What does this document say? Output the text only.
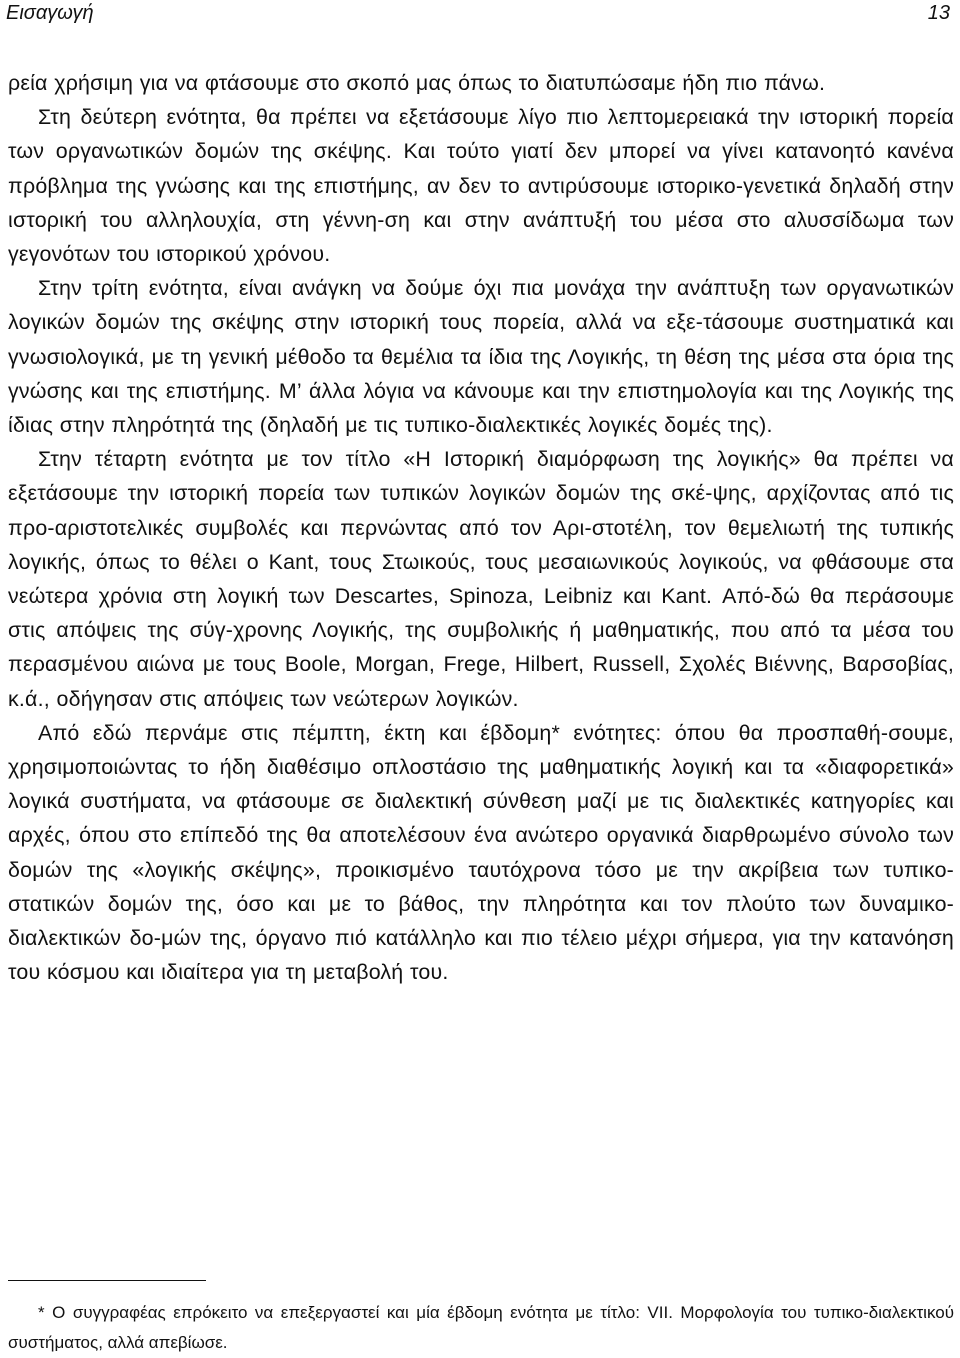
Εισαγωγή	13

ρεία χρήσιμη για να φτάσουμε στο σκοπό μας όπως το διατυπώσαμε ήδη πιο πάνω.

Στη δεύτερη ενότητα, θα πρέπει να εξετάσουμε λίγο πιο λεπτομερειακά την ιστορική πορεία των οργανωτικών δομών της σκέψης. Και τούτο γιατί δεν μπορεί να γίνει κατανοητό κανένα πρόβλημα της γνώσης και της επιστήμης, αν δεν το αντιρύσουμε ιστορικο-γενετικά δηλαδή στην ιστορική του αλληλουχία, στη γέννη-ση και στην ανάπτυξή του μέσα στο αλυσσίδωμα των γεγονότων του ιστορικού χρόνου.

Στην τρίτη ενότητα, είναι ανάγκη να δούμε όχι πια μονάχα την ανάπτυξη των οργανωτικών λογικών δομών της σκέψης στην ιστορική τους πορεία, αλλά να εξε-τάσουμε συστηματικά και γνωσιολογικά, με τη γενική μέθοδο τα θεμέλια τα ίδια της Λογικής, τη θέση της μέσα στα όρια της γνώσης και της επιστήμης. Μ’ άλλα λόγια να κάνουμε και την επιστημολογία και της Λογικής της ίδιας στην πληρότητά της (δηλαδή με τις τυπικο-διαλεκτικές λογικές δομές της).

Στην τέταρτη ενότητα με τον τίτλο «Η Ιστορική διαμόρφωση της λογικής» θα πρέπει να εξετάσουμε την ιστορική πορεία των τυπικών λογικών δομών της σκέ-ψης, αρχίζοντας από τις προ-αριστοτελικές συμβολές και περνώντας από τον Αρι-στοτέλη, τον θεμελιωτή της τυπικής λογικής, όπως το θέλει ο Kant, τους Στωικούς, τους μεσαιωνικούς λογικούς, να φθάσουμε στα νεώτερα χρόνια στη λογική των Descartes, Spinoza, Leibniz και Kant. Από-δώ θα περάσουμε στις απόψεις της σύγ-χρονης Λογικής, της συμβολικής ή μαθηματικής, που από τα μέσα του περασμένου αιώνα με τους Boole, Morgan, Frege, Hilbert, Russell, Σχολές Βιέννης, Βαρσοβίας, κ.ά., οδήγησαν στις απόψεις των νεώτερων λογικών.

Από εδώ περνάμε στις πέμπτη, έκτη και έβδομη* ενότητες: όπου θα προσπαθή-σουμε, χρησιμοποιώντας το ήδη διαθέσιμο οπλοστάσιο της μαθηματικής λογική και τα «διαφορετικά» λογικά συστήματα, να φτάσουμε σε διαλεκτική σύνθεση μαζί με τις διαλεκτικές κατηγορίες και αρχές, όπου στο επίπεδό της θα αποτελέσουν ένα ανώτερο οργανικά διαρθρωμένο σύνολο των δομών της «λογικής σκέψης», προικισμένο ταυτόχρονα τόσο με την ακρίβεια των τυπικο-στατικών δομών της, όσο και με το βάθος, την πληρότητα και τον πλούτο των δυναμικο-διαλεκτικών δο-μών της, όργανο πιό κατάλληλο και πιο τέλειο μέχρι σήμερα, για την κατανόηση του κόσμου και ιδιαίτερα για τη μεταβολή του.

* Ο συγγραφέας επρόκειτο να επεξεργαστεί και μία έβδομη ενότητα με τίτλο: VII. Μορφολογία του τυπικο-διαλεκτικού συστήματος, αλλά απεβίωσε.
